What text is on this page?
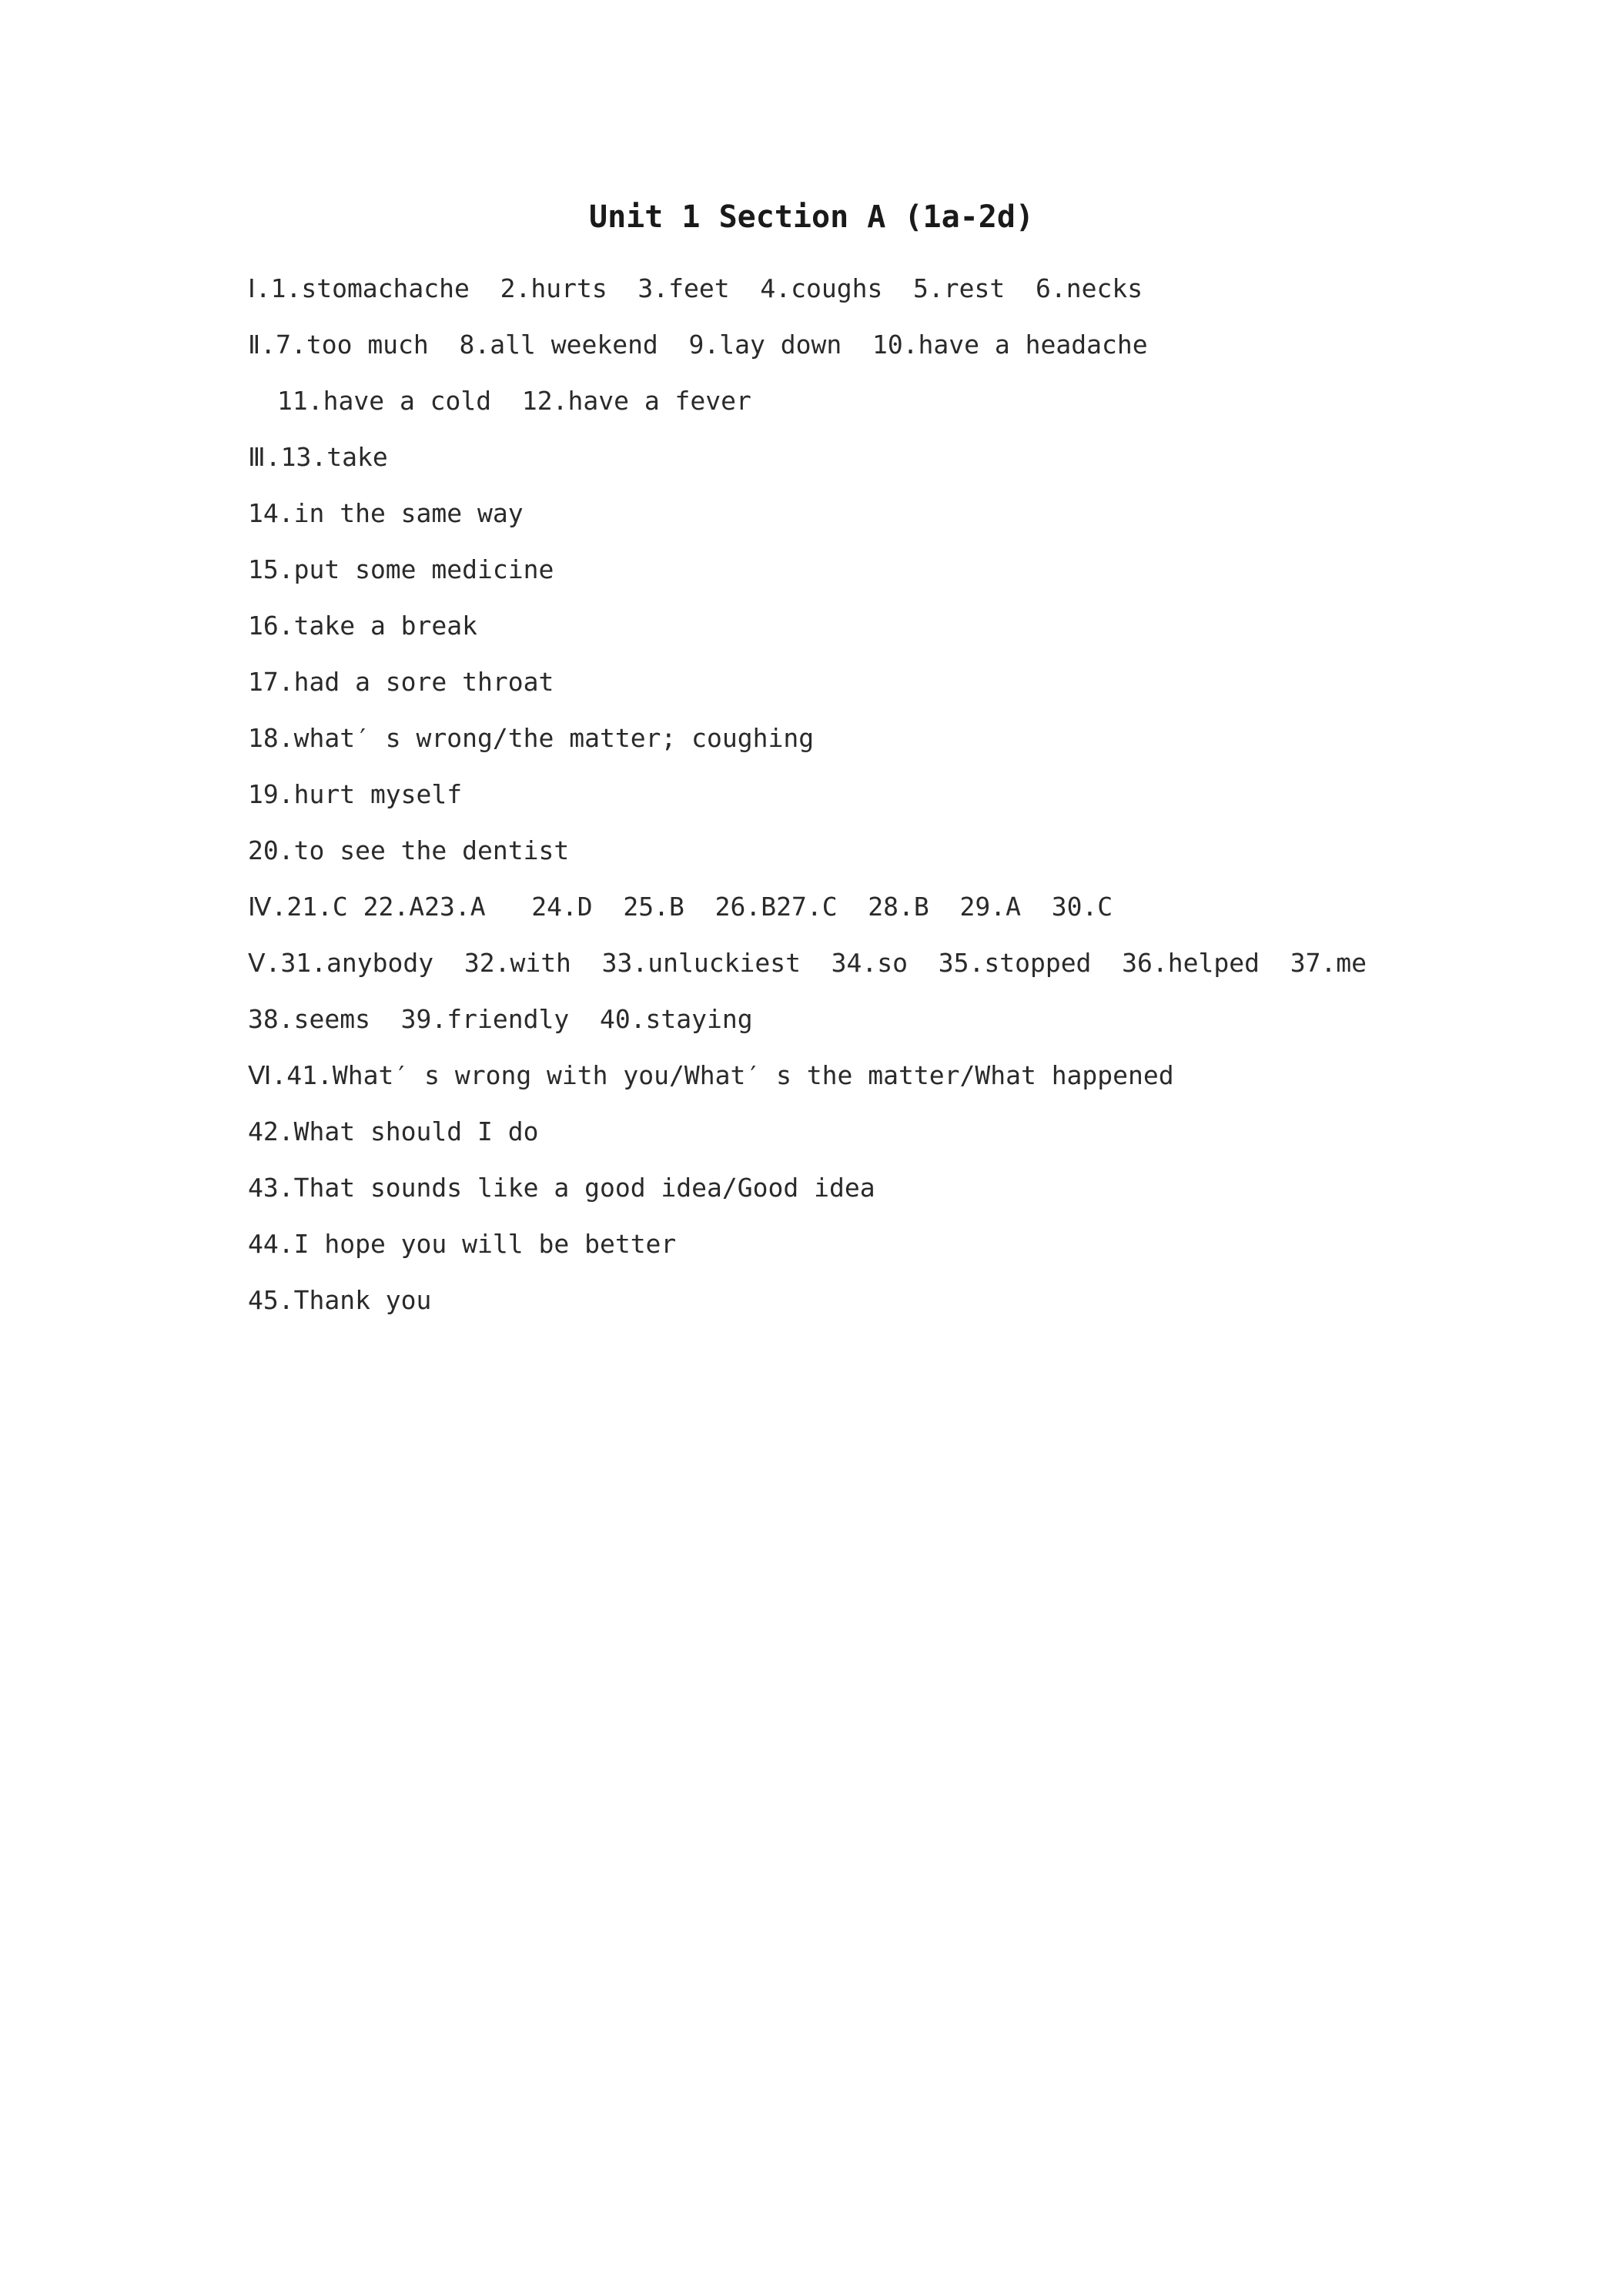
Unit 1 Section A (1a-2d)
Ⅰ.1.stomachache  2.hurts  3.feet  4.coughs  5.rest  6.necks
Ⅱ.7.too much  8.all weekend  9.lay down  10.have a headache
11.have a cold  12.have a fever
Ⅲ.13.take
14.in the same way
15.put some medicine
16.take a break
17.had a sore throat
18.what′ s wrong/the matter; coughing
19.hurt myself
20.to see the dentist
Ⅳ.21.C 22.A23.A   24.D  25.B  26.B27.C  28.B  29.A  30.C
Ⅴ.31.anybody  32.with  33.unluckiest  34.so  35.stopped  36.helped  37.me
38.seems  39.friendly  40.staying
Ⅵ.41.What′ s wrong with you/What′ s the matter/What happened
42.What should I do
43.That sounds like a good idea/Good idea
44.I hope you will be better
45.Thank you
